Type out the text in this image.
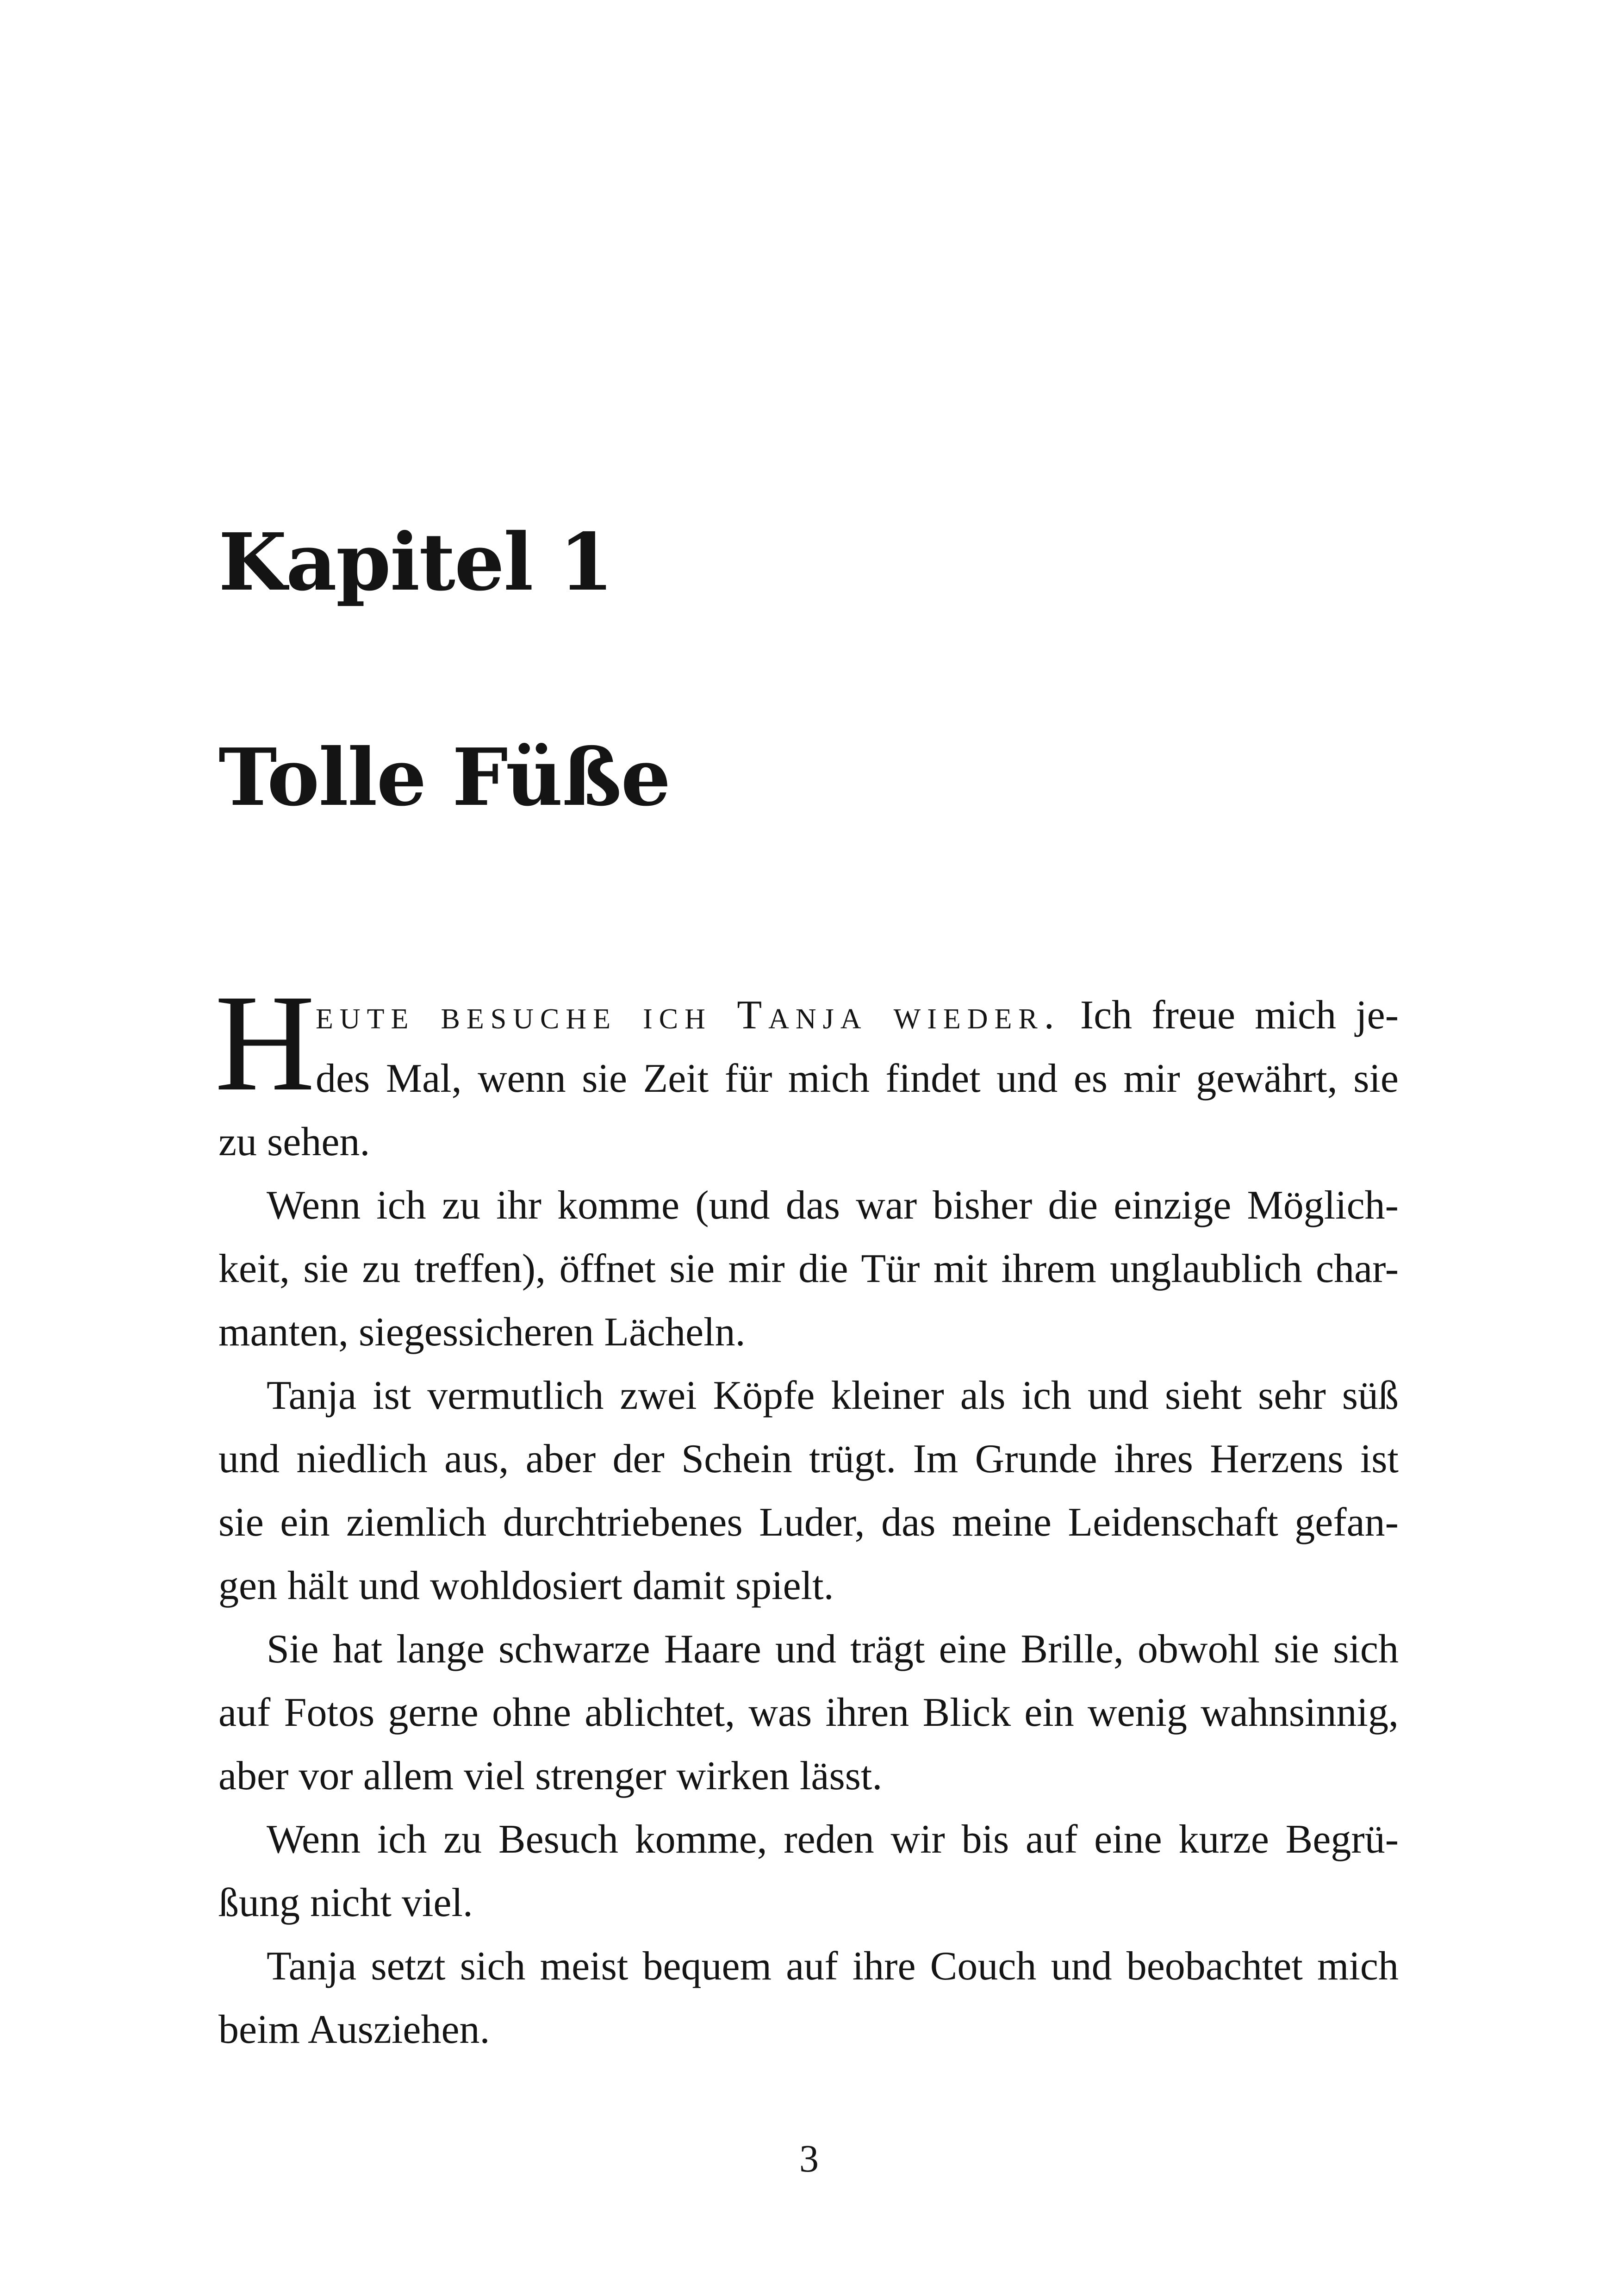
Kapitel 1
Tolle Füße
H eute besuche ich Tanja wieder. Ich freue mich je-
des Mal, wenn sie Zeit für mich findet und es mir gewährt, sie
zu sehen.
Wenn ich zu ihr komme (und das war bisher die einzige Möglich-
keit, sie zu treffen), öffnet sie mir die Tür mit ihrem unglaublich char-
manten, siegessicheren Lächeln.
Tanja ist vermutlich zwei Köpfe kleiner als ich und sieht sehr süß
und niedlich aus, aber der Schein trügt. Im Grunde ihres Herzens ist
sie ein ziemlich durchtriebenes Luder, das meine Leidenschaft gefan-
gen hält und wohldosiert damit spielt.
Sie hat lange schwarze Haare und trägt eine Brille, obwohl sie sich
auf Fotos gerne ohne ablichtet, was ihren Blick ein wenig wahnsinnig,
aber vor allem viel strenger wirken lässt.
Wenn ich zu Besuch komme, reden wir bis auf eine kurze Begrü-
ßung nicht viel.
Tanja setzt sich meist bequem auf ihre Couch und beobachtet mich
beim Ausziehen.
3
